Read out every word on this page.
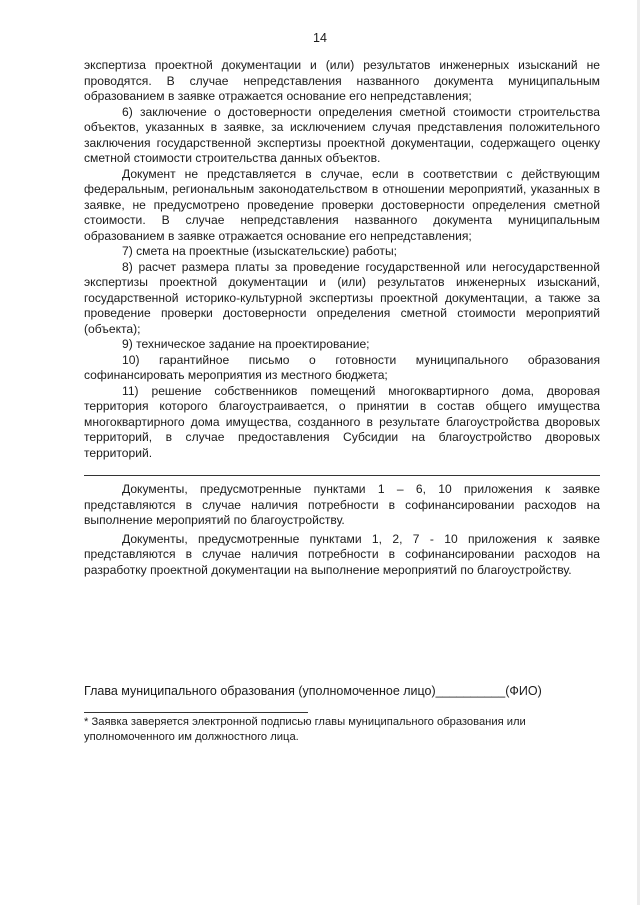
14

экспертиза проектной документации и (или) результатов инженерных изысканий не проводятся. В случае непредставления названного документа муниципальным образованием в заявке отражается основание его непредставления;

6) заключение о достоверности определения сметной стоимости строительства объектов, указанных в заявке, за исключением случая представления положительного заключения государственной экспертизы проектной документации, содержащего оценку сметной стоимости строительства данных объектов.

Документ не представляется в случае, если в соответствии с действующим федеральным, региональным законодательством в отношении мероприятий, указанных в заявке, не предусмотрено проведение проверки достоверности определения сметной стоимости. В случае непредставления названного документа муниципальным образованием в заявке отражается основание его непредставления;

7) смета на проектные (изыскательские) работы;

8) расчет размера платы за проведение государственной или негосударственной экспертизы проектной документации и (или) результатов инженерных изысканий, государственной историко-культурной экспертизы проектной документации, а также за проведение проверки достоверности определения сметной стоимости мероприятий (объекта);

9) техническое задание на проектирование;

10) гарантийное письмо о готовности муниципального образования софинансировать мероприятия из местного бюджета;

11) решение собственников помещений многоквартирного дома, дворовая территория которого благоустраивается, о принятии в состав общего имущества многоквартирного дома имущества, созданного в результате благоустройства дворовых территорий, в случае предоставления Субсидии на благоустройство дворовых территорий.

Документы, предусмотренные пунктами 1 – 6, 10 приложения к заявке представляются в случае наличия потребности в софинансировании расходов на выполнение мероприятий по благоустройству.

Документы, предусмотренные пунктами 1, 2, 7 - 10 приложения к заявке представляются в случае наличия потребности в софинансировании расходов на разработку проектной документации на выполнение мероприятий по благоустройству.

Глава муниципального образования (уполномоченное лицо)__________(ФИО)
* Заявка заверяется электронной подписью главы муниципального образования или уполномоченного им должностного лица.
